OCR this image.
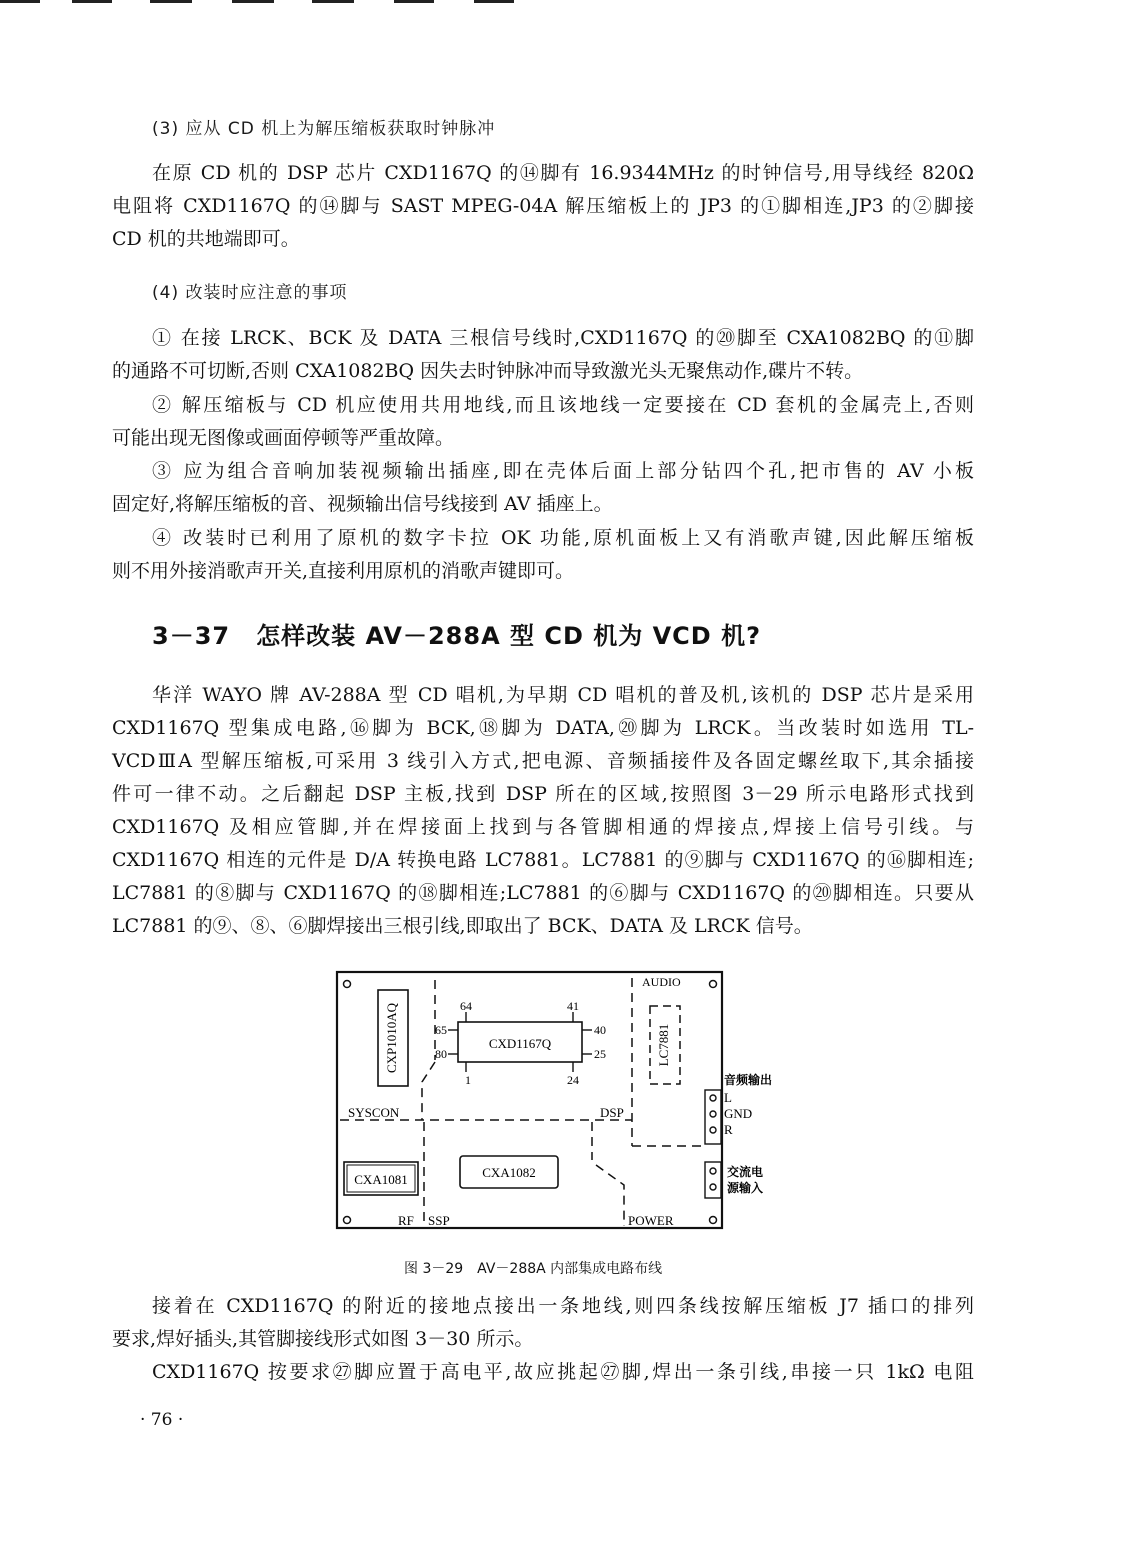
(3) 应从 CD 机上为解压缩板获取时钟脉冲
在原 CD 机的 DSP 芯片 CXD1167Q 的⑭脚有 16.9344MHz 的时钟信号,用导线经 820Ω
电阻将 CXD1167Q 的⑭脚与 SAST MPEG-04A 解压缩板上的 JP3 的①脚相连,JP3 的②脚接
CD 机的共地端即可。
(4) 改装时应注意的事项
① 在接 LRCK、BCK 及 DATA 三根信号线时,CXD1167Q 的⑳脚至 CXA1082BQ 的⑪脚
的通路不可切断,否则 CXA1082BQ 因失去时钟脉冲而导致激光头无聚焦动作,碟片不转。
② 解压缩板与 CD 机应使用共用地线,而且该地线一定要接在 CD 套机的金属壳上,否则
可能出现无图像或画面停顿等严重故障。
③ 应为组合音响加装视频输出插座,即在壳体后面上部分钻四个孔,把市售的 AV 小板
固定好,将解压缩板的音、视频输出信号线接到 AV 插座上。
④ 改装时已利用了原机的数字卡拉 OK 功能,原机面板上又有消歌声键,因此解压缩板
则不用外接消歌声开关,直接利用原机的消歌声键即可。
3－37 怎样改装 AV－288A 型 CD 机为 VCD 机?
华洋 WAYO 牌 AV-288A 型 CD 唱机,为早期 CD 唱机的普及机,该机的 DSP 芯片是采用
CXD1167Q 型集成电路,⑯脚为 BCK,⑱脚为 DATA,⑳脚为 LRCK。当改装时如选用 TL-
VCDⅢA 型解压缩板,可采用 3 线引入方式,把电源、音频插接件及各固定螺丝取下,其余插接
件可一律不动。之后翻起 DSP 主板,找到 DSP 所在的区域,按照图 3－29 所示电路形式找到
CXD1167Q 及相应管脚,并在焊接面上找到与各管脚相通的焊接点,焊接上信号引线。与
CXD1167Q 相连的元件是 D/A 转换电路 LC7881。LC7881 的⑨脚与 CXD1167Q 的⑯脚相连;
LC7881 的⑧脚与 CXD1167Q 的⑱脚相连;LC7881 的⑥脚与 CXD1167Q 的⑳脚相连。只要从
LC7881 的⑨、⑧、⑥脚焊接出三根引线,即取出了 BCK、DATA 及 LRCK 信号。
CXP1010AQ	CXD1167Q
64	41
65
80
40
25
1	24
LC7881
CXA1081	CXA1082
AUDIO
SYSCON	DSP
RF SSP	POWER
音频输出
L
GND
R
交流电
源输入
图 3－29　AV－288A 内部集成电路布线
接着在 CXD1167Q 的附近的接地点接出一条地线,则四条线按解压缩板 J7 插口的排列
要求,焊好插头,其管脚接线形式如图 3－30 所示。
CXD1167Q 按要求㉗脚应置于高电平,故应挑起㉗脚,焊出一条引线,串接一只 1kΩ 电阻
· 76 ·
